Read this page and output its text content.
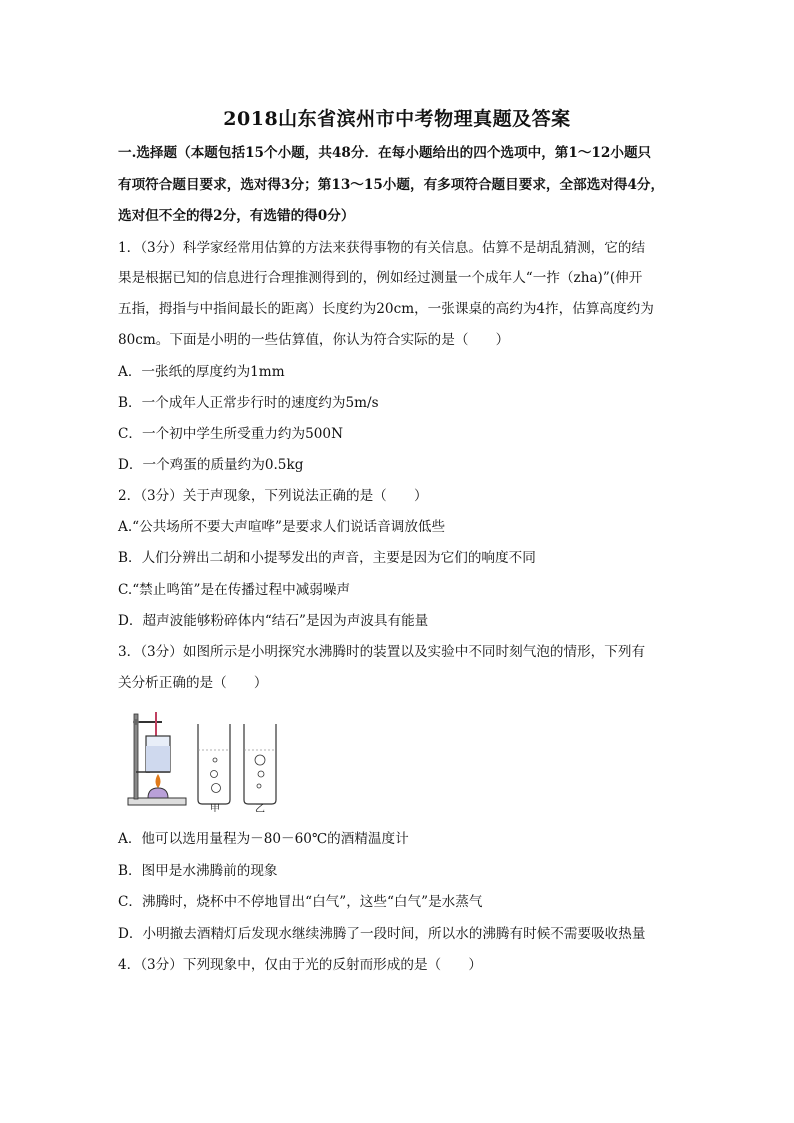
2018山东省滨州市中考物理真题及答案
一.选择题（本题包括15个小题，共48分．在每小题给出的四个选项中，第1～12小题只
有项符合题目要求，选对得3分；第13～15小题，有多项符合题目要求，全部选对得4分，
选对但不全的得2分，有选错的得0分）
1．（3分）科学家经常用估算的方法来获得事物的有关信息。估算不是胡乱猜测，它的结
果是根据已知的信息进行合理推测得到的，例如经过测量一个成年人“一拃（zha)”(伸开
五指，拇指与中指间最长的距离）长度约为20cm，一张课桌的高约为4拃，估算高度约为
80cm。下面是小明的一些估算值，你认为符合实际的是（　　）
A．一张纸的厚度约为1mm
B．一个成年人正常步行时的速度约为5m/s
C．一个初中学生所受重力约为500N
D．一个鸡蛋的质量约为0.5kg
2．（3分）关于声现象，下列说法正确的是（　　）
A.“公共场所不要大声喧哗”是要求人们说话音调放低些
B．人们分辨出二胡和小提琴发出的声音，主要是因为它们的响度不同
C.“禁止鸣笛”是在传播过程中减弱噪声
D．超声波能够粉碎体内“结石”是因为声波具有能量
3．（3分）如图所示是小明探究水沸腾时的装置以及实验中不同时刻气泡的情形，下列有
关分析正确的是（　　）
甲	乙
A．他可以选用量程为－80－60℃的酒精温度计
B．图甲是水沸腾前的现象
C．沸腾时，烧杯中不停地冒出“白气”，这些“白气”是水蒸气
D．小明撤去酒精灯后发现水继续沸腾了一段时间，所以水的沸腾有时候不需要吸收热量
4．（3分）下列现象中，仅由于光的反射而形成的是（　　）
